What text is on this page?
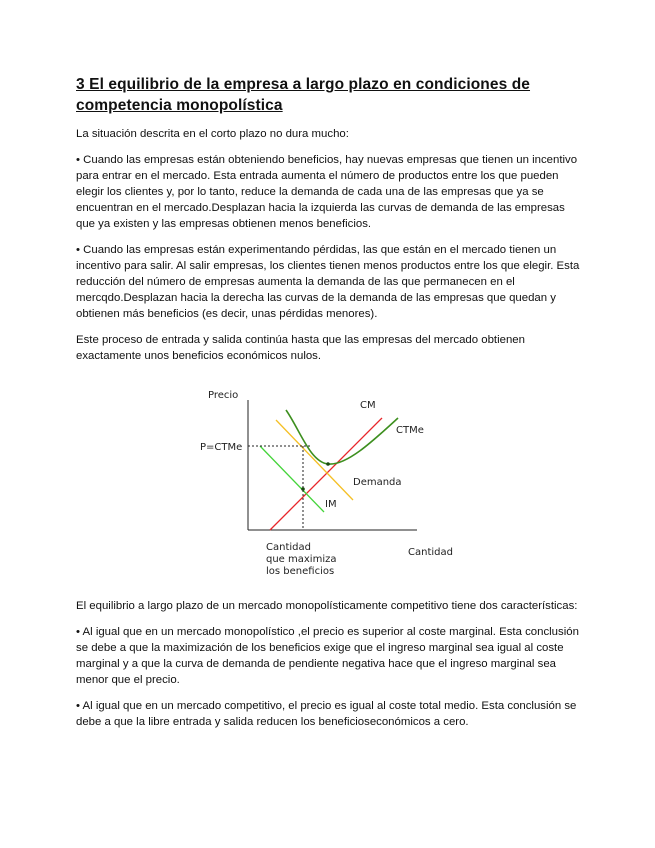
3 El equilibrio de la empresa a largo plazo en condiciones de
competencia monopolística

La situación descrita en el corto plazo no dura mucho:

• Cuando las empresas están obteniendo beneficios, hay nuevas empresas que tienen un incentivo para entrar en el mercado. Esta entrada aumenta el número de productos entre los que pueden elegir los clientes y, por lo tanto, reduce la demanda de cada una de las empresas que ya se encuentran en el mercado.Desplazan hacia la izquierda las curvas de demanda de las empresas que ya existen y las empresas obtienen menos beneficios.

• Cuando las empresas están experimentando pérdidas, las que están en el mercado tienen un incentivo para salir. Al salir empresas, los clientes tienen menos productos entre los que elegir. Esta reducción del número de empresas aumenta la demanda de las que permanecen en el mercqdo.Desplazan hacia la derecha las curvas de la demanda de las empresas que quedan y obtienen más beneficios (es decir, unas pérdidas menores).

Este proceso de entrada y salida continúa hasta que las empresas del mercado obtienen exactamente unos beneficios económicos nulos.

Precio
P=CTMe
CM
CTMe
Demanda
IM
Cantidad
Cantidad
que maximiza
los beneficios

El equilibrio a largo plazo de un mercado monopolísticamente competitivo tiene dos características:

• Al igual que en un mercado monopolístico ,el precio es superior al coste marginal. Esta conclusión se debe a que la maximización de los beneficios exige que el ingreso marginal sea igual al coste marginal y a que la curva de demanda de pendiente negativa hace que el ingreso marginal sea menor que el precio.

• Al igual que en un mercado competitivo, el precio es igual al coste total medio. Esta conclusión se debe a que la libre entrada y salida reducen los beneficioseconómicos a cero.
